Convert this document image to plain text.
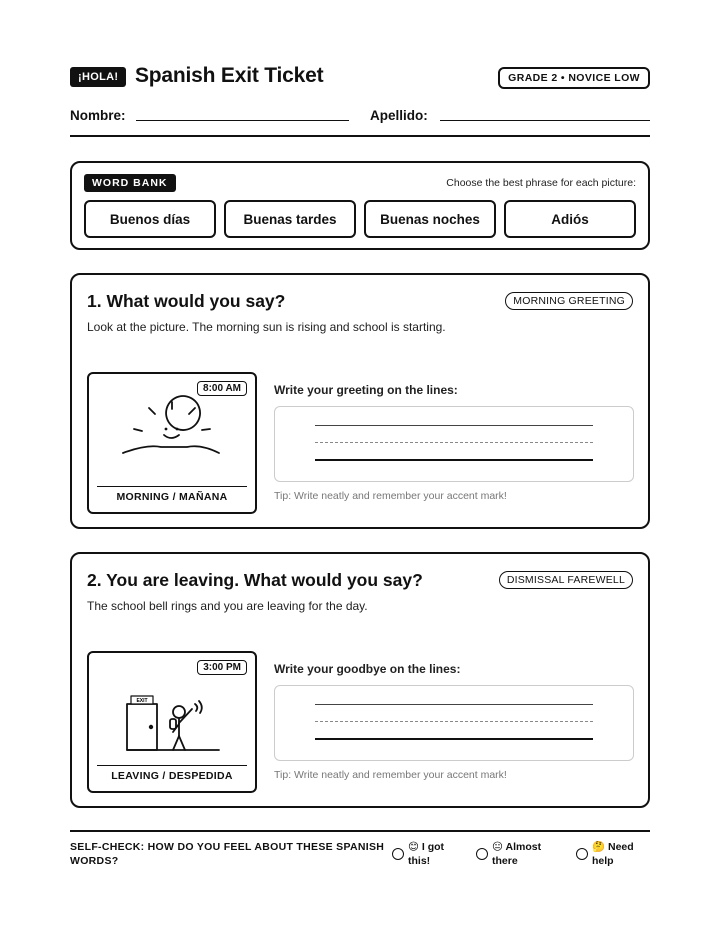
¡HOLA! Spanish Exit Ticket	GRADE 2 • NOVICE LOW
Nombre:	Apellido:
WORD BANK	Choose the best phrase for each picture:
Buenos días	Buenas tardes	Buenas noches	Adiós
1. What would you say?	MORNING GREETING
Look at the picture. The morning sun is rising and school is starting.
8:00 AM
MORNING / MAÑANA
Write your greeting on the lines:
Tip: Write neatly and remember your accent mark!
2. You are leaving. What would you say?	DISMISSAL FAREWELL
The school bell rings and you are leaving for the day.
3:00 PM
EXIT
LEAVING / DESPEDIDA
Write your goodbye on the lines:
Tip: Write neatly and remember your accent mark!
SELF-CHECK: HOW DO YOU FEEL ABOUT THESE SPANISH WORDS?
😊 I got
this!
😐 Almost
there
🤔 Need
help
